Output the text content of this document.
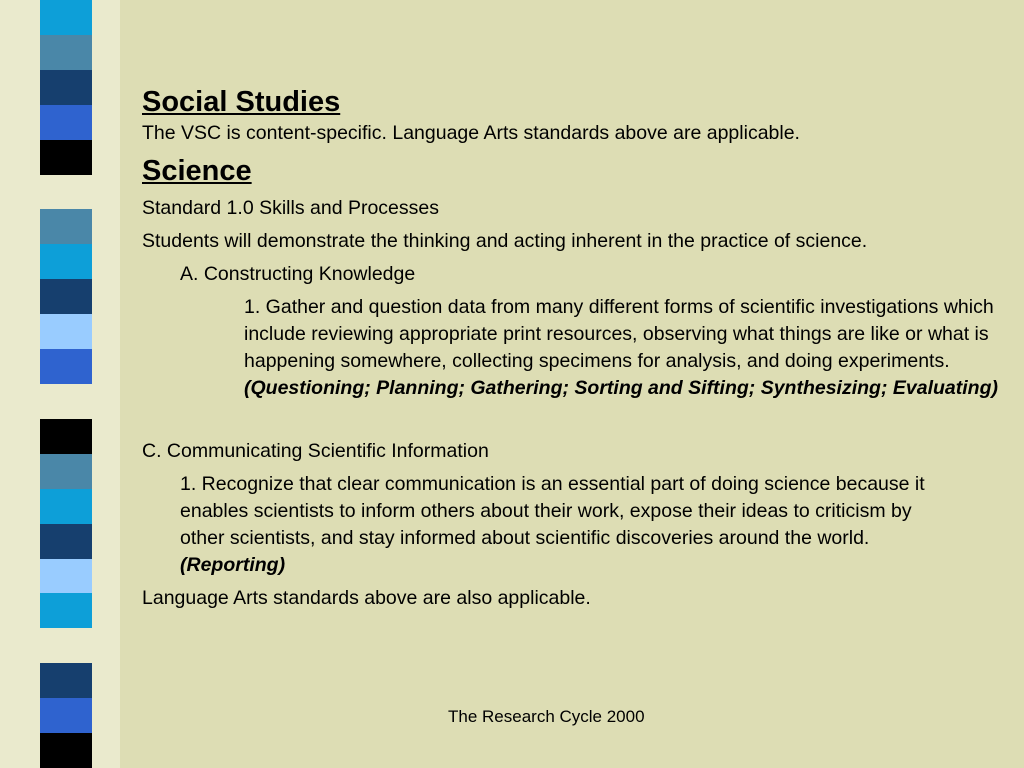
Social Studies

The VSC is content-specific. Language Arts standards above are applicable.

Science

Standard 1.0 Skills and Processes

Students will demonstrate the thinking and acting inherent in the practice of science.

A. Constructing Knowledge

1. Gather and question data from many different forms of scientific investigations which include reviewing appropriate print resources, observing what things are like or what is happening somewhere, collecting specimens for analysis, and doing experiments. (Questioning; Planning; Gathering; Sorting and Sifting; Synthesizing; Evaluating)

C. Communicating Scientific Information

1. Recognize that clear communication is an essential part of doing science because it enables scientists to inform others about their work, expose their ideas to criticism by other scientists, and stay informed about scientific discoveries around the world. (Reporting)

Language Arts standards above are also applicable.

The Research Cycle 2000
